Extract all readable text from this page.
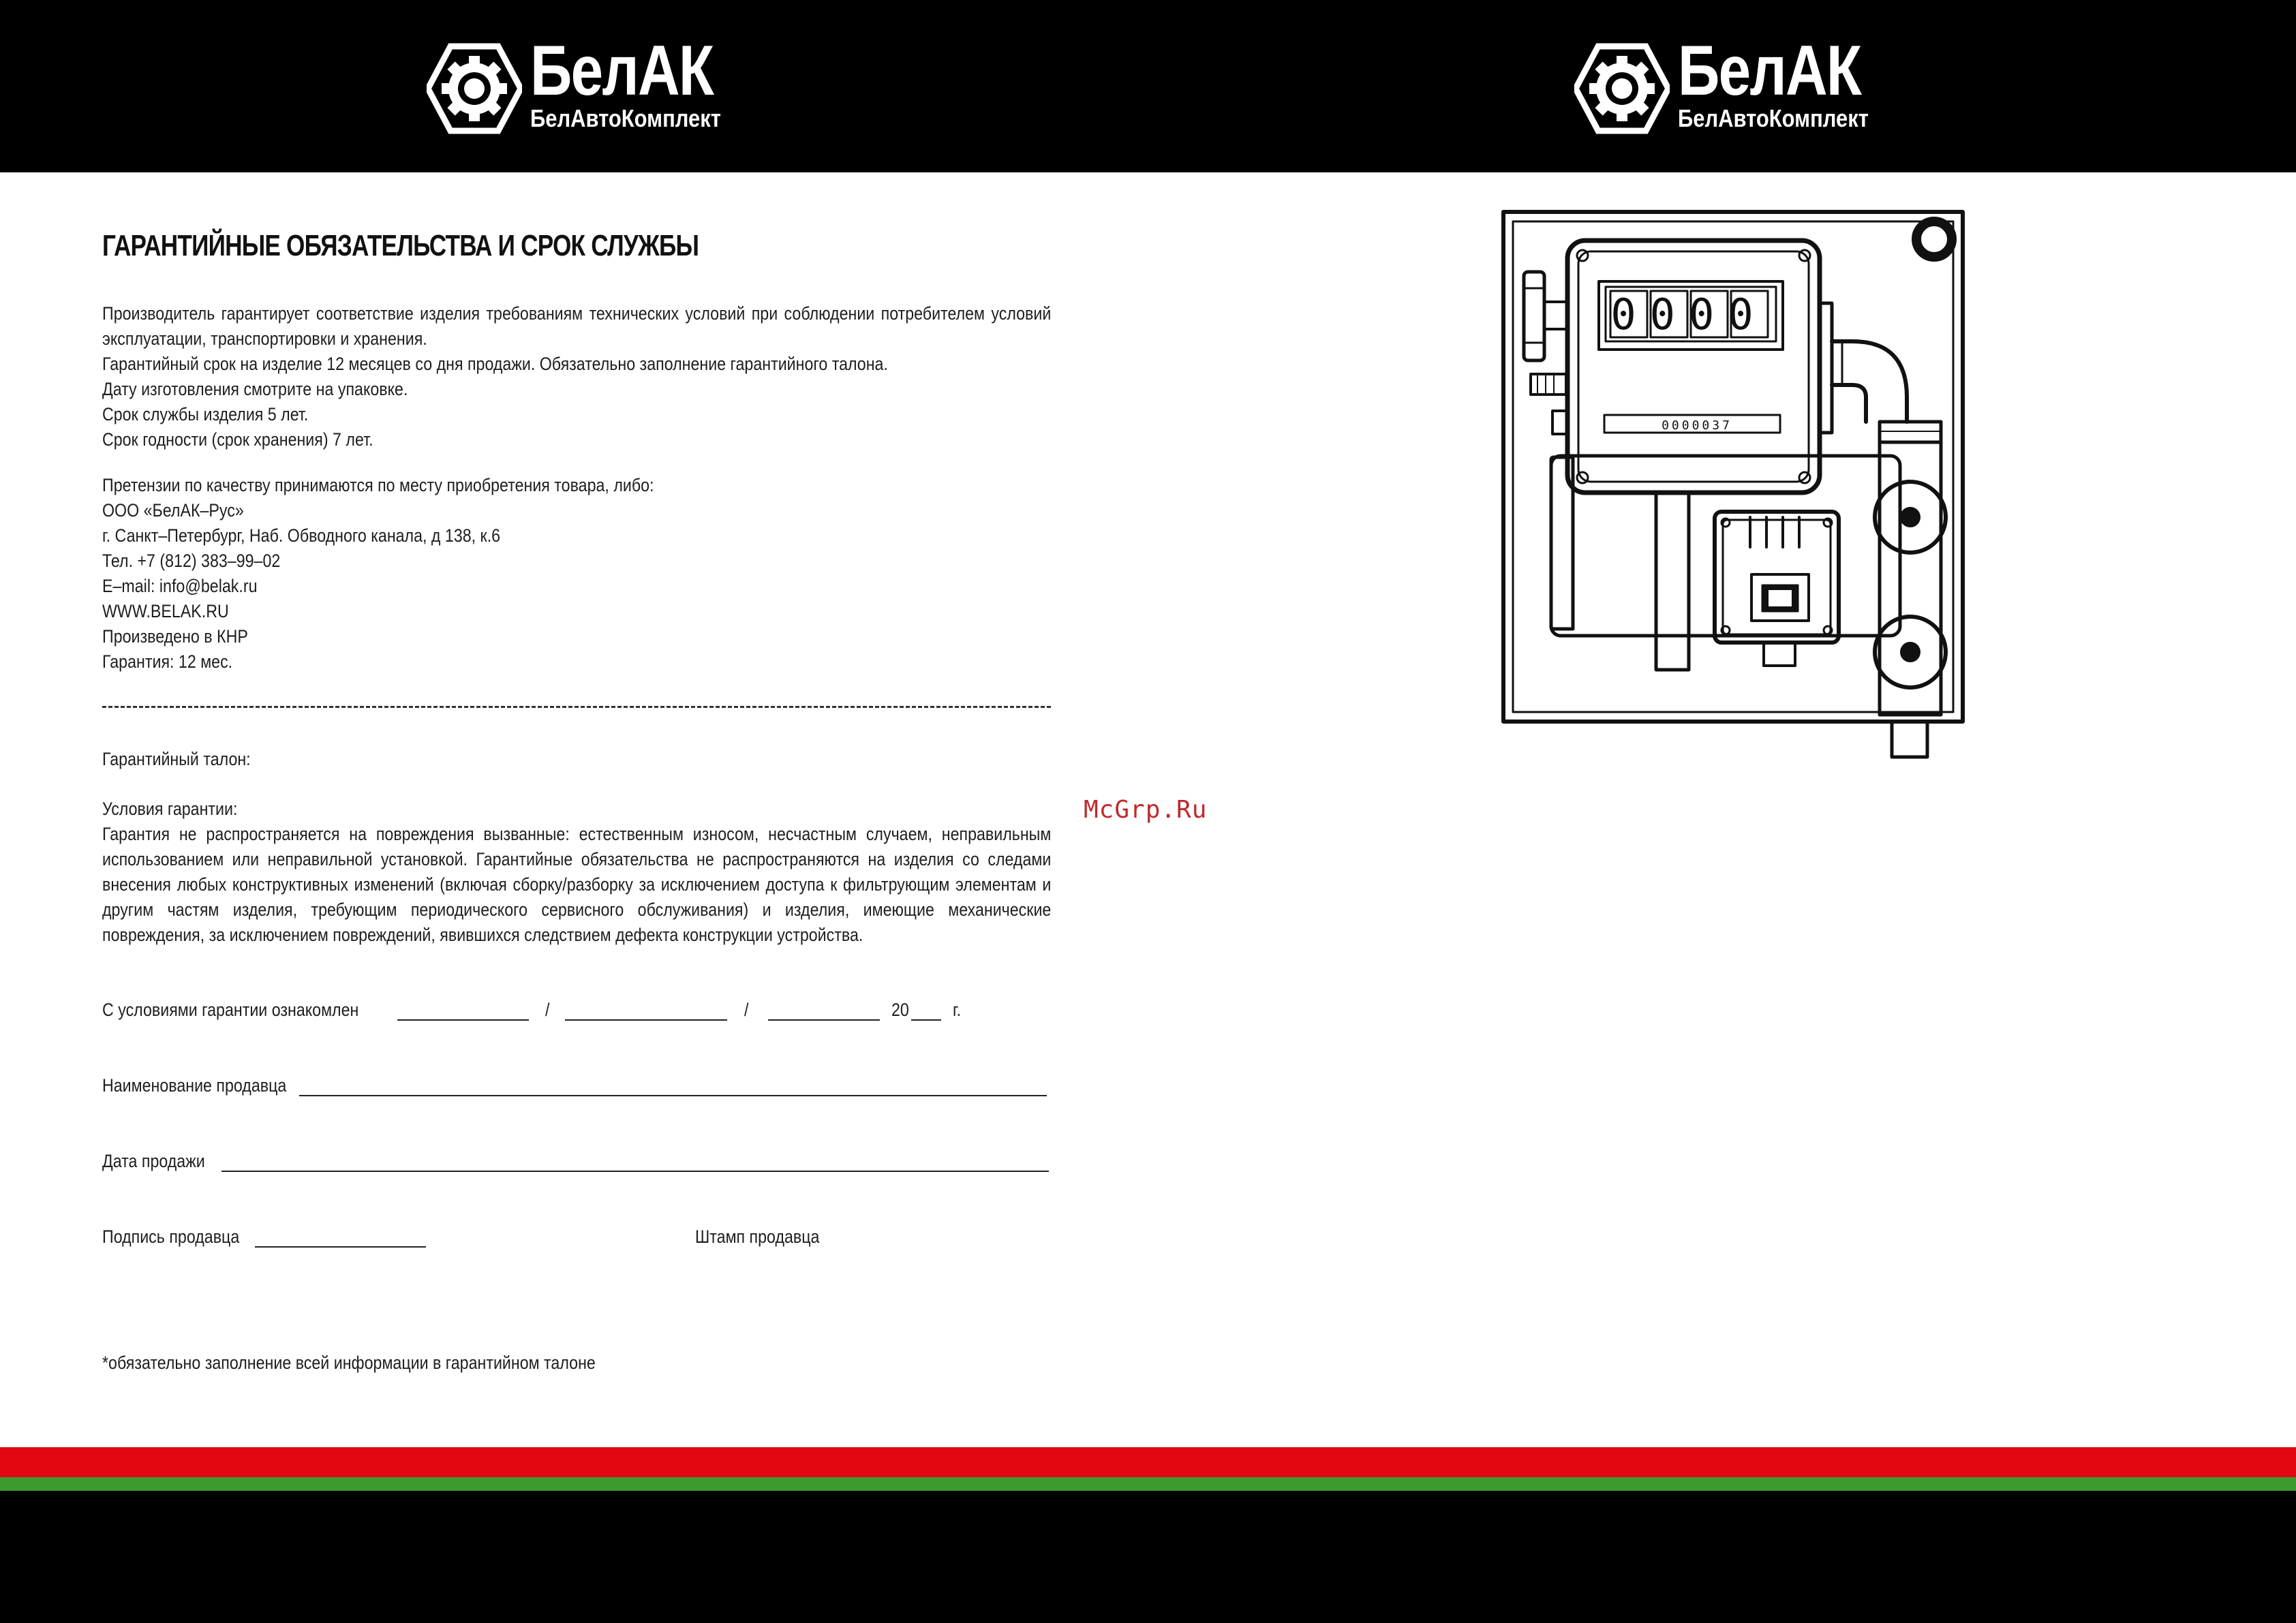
БелАК
БелАвтоКомплект
БелАК
БелАвтоКомплект
ГАРАНТИЙНЫЕ ОБЯЗАТЕЛЬСТВА И СРОК СЛУЖБЫ

Производитель гарантирует соответствие изделия требованиям технических условий при соблюдении потребителем условий эксплуатации, транспортировки и хранения.

Гарантийный срок на изделие 12 месяцев со дня продажи. Обязательно заполнение гарантийного талона.

Дату изготовления смотрите на упаковке.

Срок службы изделия 5 лет.

Срок годности (срок хранения) 7 лет.

Претензии по качеству принимаются по месту приобретения товара, либо:

ООО «БелАК–Рус»

г. Санкт–Петербург, Наб. Обводного канала, д 138, к.6

Тел. +7 (812) 383–99–02

E–mail: info@belak.ru

WWW.BELAK.RU

Произведено в КНР

Гарантия: 12 мес.

Гарантийный талон:

Условия гарантии:

Гарантия не распространяется на повреждения вызванные: естественным износом, несчастным случаем, неправильным использованием или неправильной установкой. Гарантийные обязательства не распространяются на изделия со следами внесения любых конструктивных изменений (включая сборку/разборку за исключением доступа к фильтрующим элементам и другим частям изделия, требующим периодического сервисного обслуживания) и изделия, имеющие механические повреждения, за исключением повреждений, явившихся следствием дефекта конструкции устройства.

С условиями гарантии ознакомлен	/	/	20 г.
Наименование продавца
Дата продажи
Подпись продавца	Штамп продавца
*обязательно заполнение всей информации в гарантийном талоне
McGrp.Ru
0000
0000037
